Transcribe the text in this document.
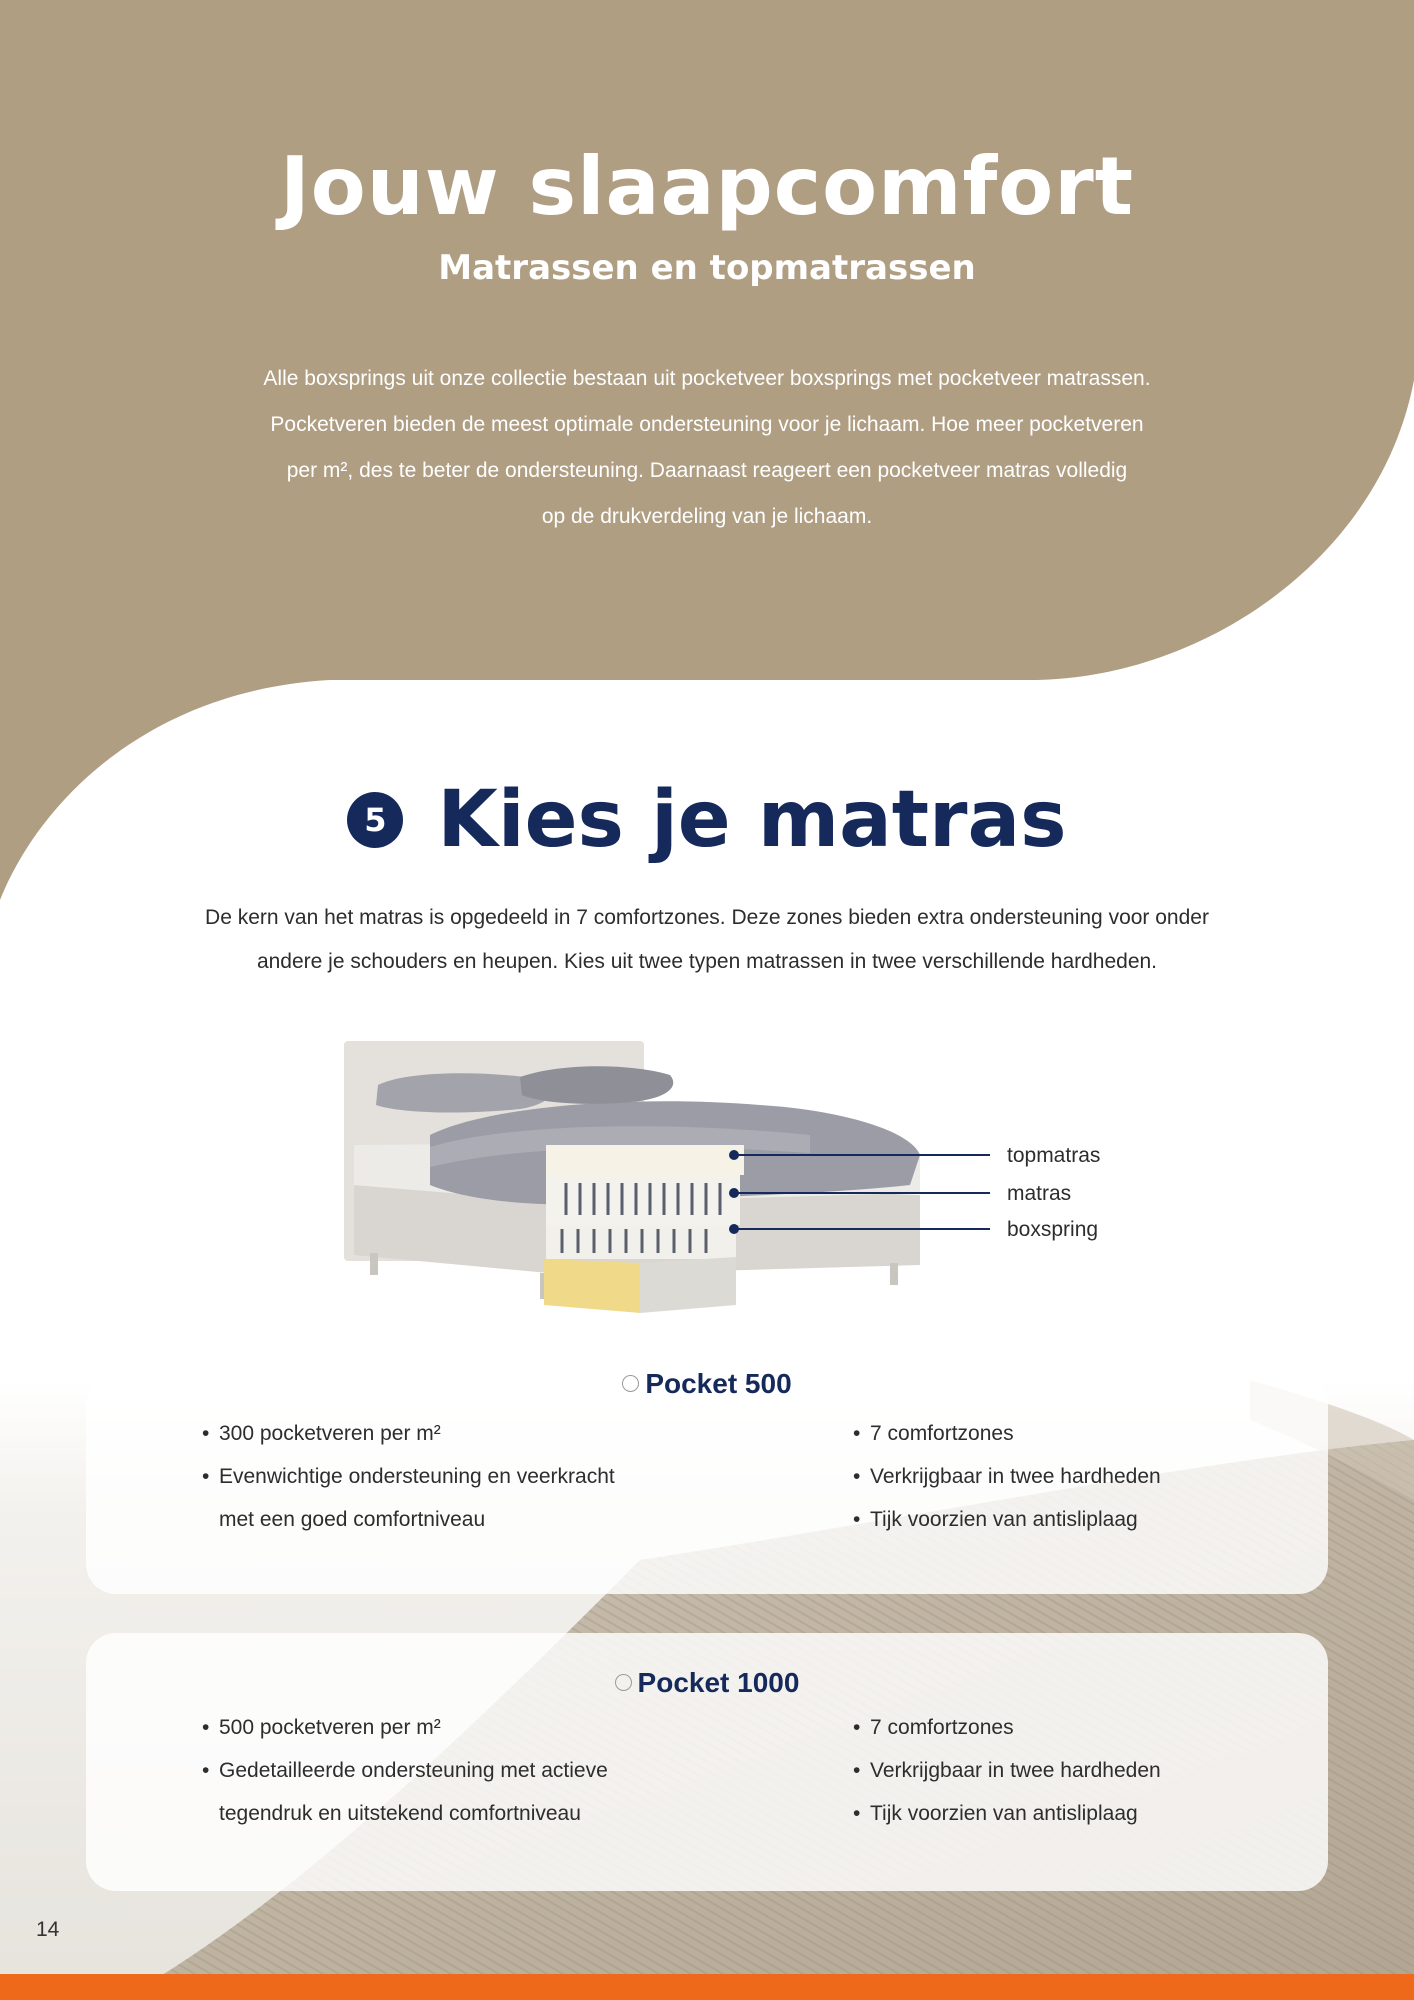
Jouw slaapcomfort
Matrassen en topmatrassen
Alle boxsprings uit onze collectie bestaan uit pocketveer boxsprings met pocketveer matrassen.
Pocketveren bieden de meest optimale ondersteuning voor je lichaam. Hoe meer pocketveren
per m², des te beter de ondersteuning. Daarnaast reageert een pocketveer matras volledig
op de drukverdeling van je lichaam.
5 Kies je matras
De kern van het matras is opgedeeld in 7 comfortzones. Deze zones bieden extra ondersteuning voor onder
andere je schouders en heupen. Kies uit twee typen matrassen in twee verschillende hardheden.
topmatras
matras
boxspring
Pocket 500
• 300 pocketveren per m²
• Evenwichtige ondersteuning en veerkracht
met een goed comfortniveau
• 7 comfortzones
• Verkrijgbaar in twee hardheden
• Tijk voorzien van antisliplaag
Pocket 1000
• 500 pocketveren per m²
• Gedetailleerde ondersteuning met actieve
tegendruk en uitstekend comfortniveau
• 7 comfortzones
• Verkrijgbaar in twee hardheden
• Tijk voorzien van antisliplaag
14
